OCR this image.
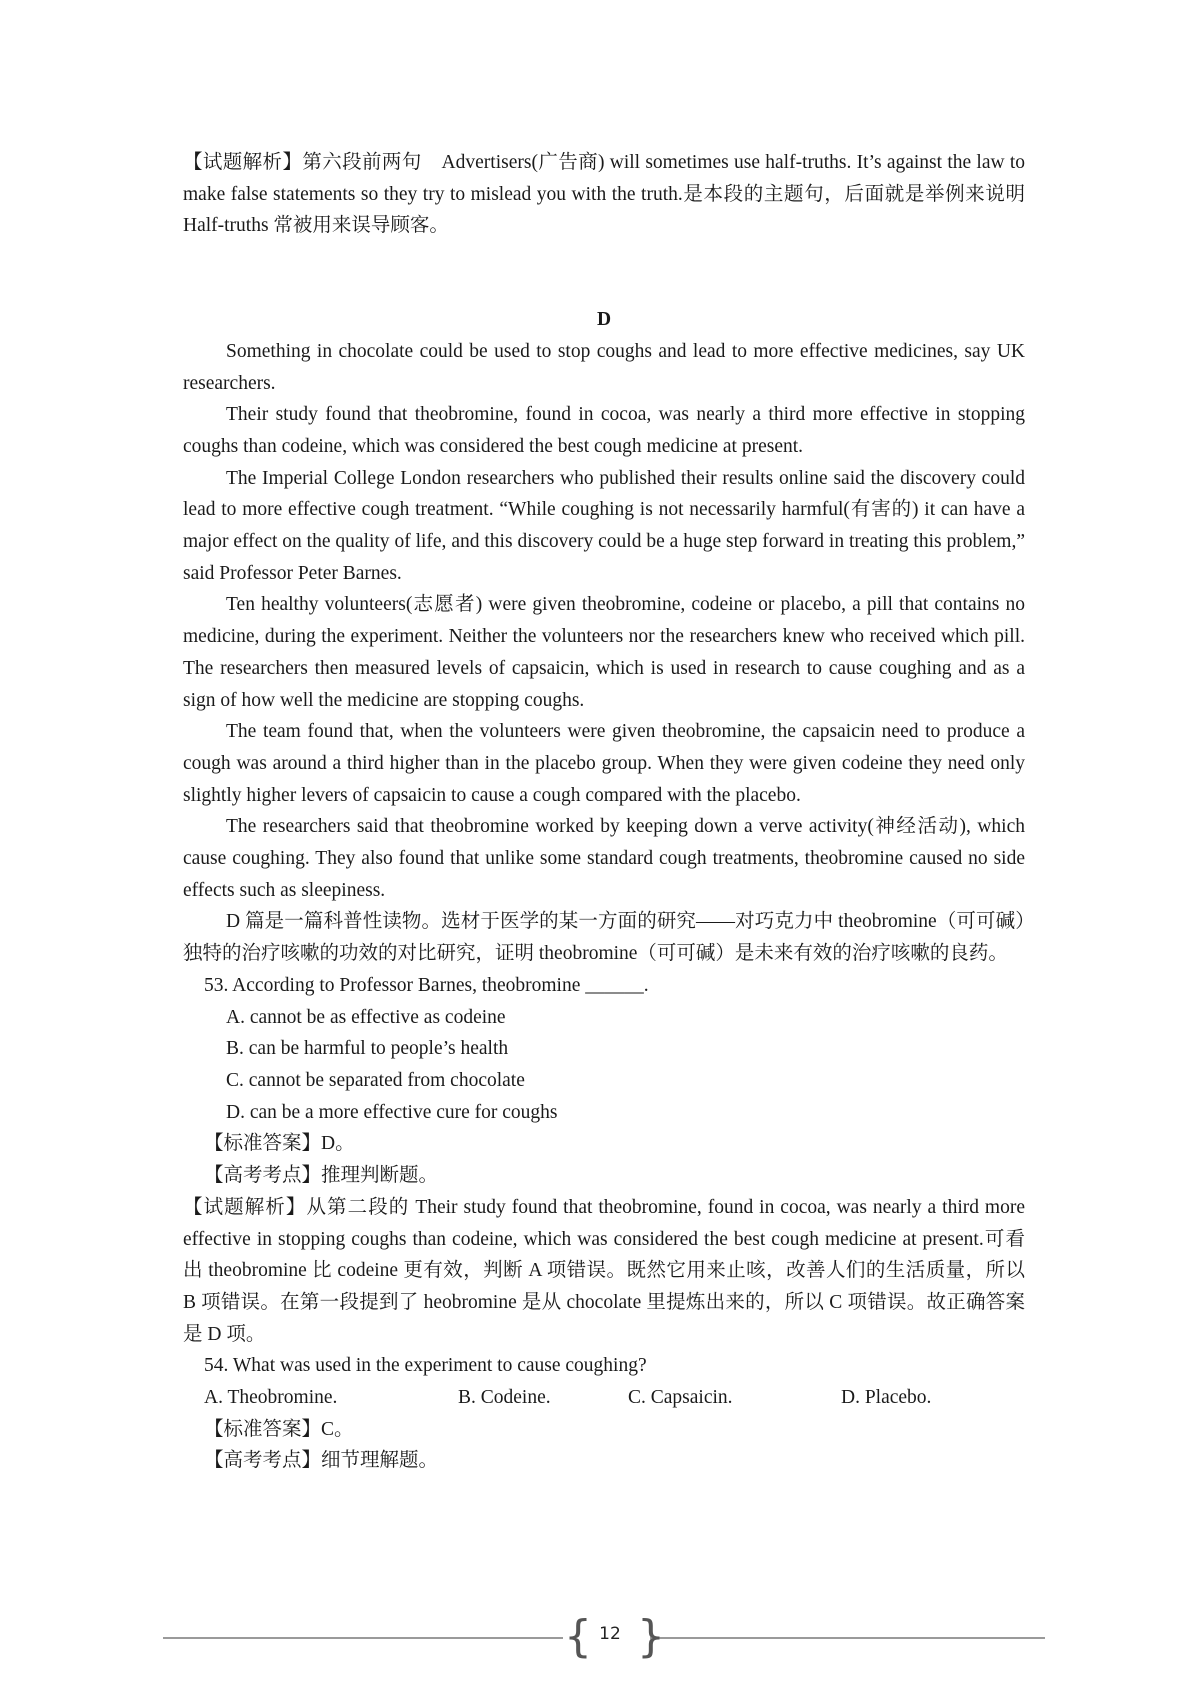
【试题解析】第六段前两句　Advertisers(广告商) will sometimes use half-truths. It’s against the law to make false statements so they try to mislead you with the truth.是本段的主题句，后面就是举例来说明 Half-truths 常被用来误导顾客。

D

Something in chocolate could be used to stop coughs and lead to more effective medicines, say UK researchers.

Their study found that theobromine, found in cocoa, was nearly a third more effective in stopping coughs than codeine, which was considered the best cough medicine at present.

The Imperial College London researchers who published their results online said the discovery could lead to more effective cough treatment. “While coughing is not necessarily harmful(有害的) it can have a major effect on the quality of life, and this discovery could be a huge step forward in treating this problem,” said Professor Peter Barnes.

Ten healthy volunteers(志愿者) were given theobromine, codeine or placebo, a pill that contains no medicine, during the experiment. Neither the volunteers nor the researchers knew who received which pill. The researchers then measured levels of capsaicin, which is used in research to cause coughing and as a sign of how well the medicine are stopping coughs.

The team found that, when the volunteers were given theobromine, the capsaicin need to produce a cough was around a third higher than in the placebo group. When they were given codeine they need only slightly higher levers of capsaicin to cause a cough compared with the placebo.

The researchers said that theobromine worked by keeping down a verve activity(神经活动), which cause coughing. They also found that unlike some standard cough treatments, theobromine caused no side effects such as sleepiness.

D 篇是一篇科普性读物。选材于医学的某一方面的研究——对巧克力中 theobromine（可可碱）独特的治疗咳嗽的功效的对比研究，证明 theobromine（可可碱）是未来有效的治疗咳嗽的良药。

53. According to Professor Barnes, theobromine ______.

A. cannot be as effective as codeine

B. can be harmful to people’s health

C. cannot be separated from chocolate

D. can be a more effective cure for coughs

【标准答案】D。

【高考考点】推理判断题。

【试题解析】从第二段的 Their study found that theobromine, found in cocoa, was nearly a third more effective in stopping coughs than codeine, which was considered the best cough medicine at present.可看出 theobromine 比 codeine 更有效，判断 A 项错误。既然它用来止咳，改善人们的生活质量，所以 B 项错误。在第一段提到了 heobromine 是从 chocolate 里提炼出来的，所以 C 项错误。故正确答案是 D 项。

54. What was used in the experiment to cause coughing?

A. Theobromine.	B. Codeine.	C. Capsaicin.	D. Placebo.

【标准答案】C。

【高考考点】细节理解题。

{ }
12
